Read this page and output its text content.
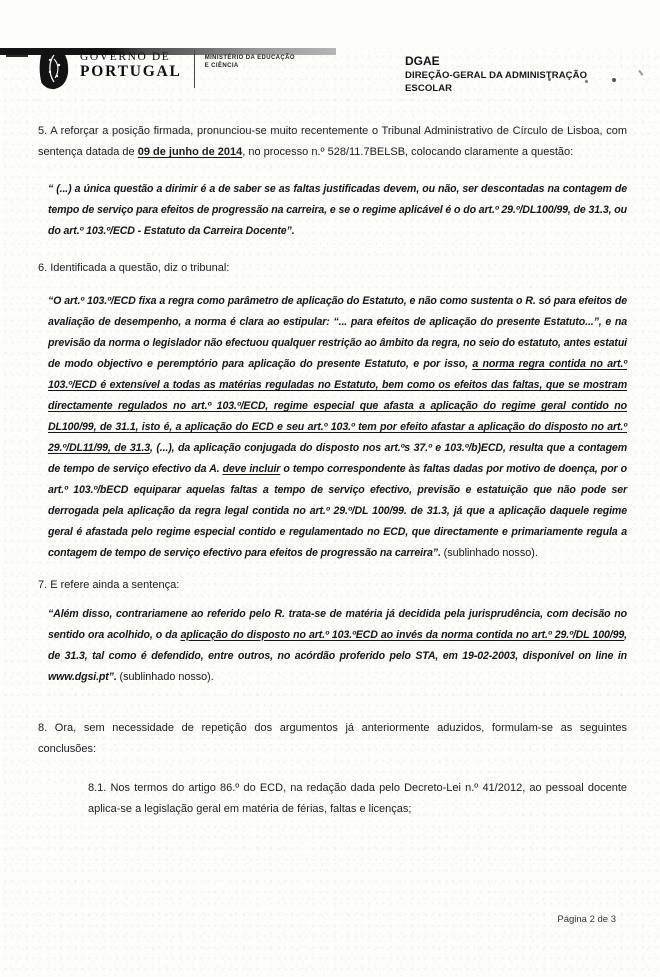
GOVERNO DE
PORTUGAL
MINISTÉRIO DA EDUCAÇÃO
E CIÊNCIA	DGAE
DIREÇÃO-GERAL DA ADMINISTRAÇÃO ESCOLAR

5. A reforçar a posição firmada, pronunciou-se muito recentemente o Tribunal Administrativo de Círculo de Lisboa, com sentença datada de 09 de junho de 2014, no processo n.º 528/11.7BELSB, colocando claramente a questão:

“ (...) a única questão a dirimir é a de saber se as faltas justificadas devem, ou não, ser descontadas na contagem de tempo de serviço para efeitos de progressão na carreira, e se o regime aplicável é o do art.º 29.º/DL100/99, de 31.3, ou do art.º 103.º/ECD - Estatuto da Carreira Docente”.

6. Identificada a questão, diz o tribunal:

“O art.º 103.º/ECD fixa a regra como parâmetro de aplicação do Estatuto, e não como sustenta o R. só para efeitos de avaliação de desempenho, a norma é clara ao estipular: “... para efeitos de aplicação do presente Estatuto...”, e na previsão da norma o legislador não efectuou qualquer restrição ao âmbito da regra, no seio do estatuto, antes estatui de modo objectivo e peremptório para aplicação do presente Estatuto, e por isso, a norma regra contida no art.º 103.º/ECD é extensível a todas as matérias reguladas no Estatuto, bem como os efeitos das faltas, que se mostram directamente regulados no art.º 103.º/ECD, regime especial que afasta a aplicação do regime geral contido no DL100/99, de 31.1, isto é, a aplicação do ECD e seu art.º 103.º tem por efeito afastar a aplicação do disposto no art.º 29.º/DL11/99, de 31.3, (...), da aplicação conjugada do disposto nos art.ºs 37.º e 103.º/b)ECD, resulta que a contagem de tempo de serviço efectivo da A. deve incluir o tempo correspondente às faltas dadas por motivo de doença, por o art.º 103.º/bECD equiparar aquelas faltas a tempo de serviço efectivo, previsão e estatuição que não pode ser derrogada pela aplicação da regra legal contida no art.º 29.º/DL 100/99. de 31.3, já que a aplicação daquele regime geral é afastada pelo regime especial contido e regulamentado no ECD, que directamente e primariamente regula a contagem de tempo de serviço efectivo para efeitos de progressão na carreira”. (sublinhado nosso).

7. E refere ainda a sentença:

“Além disso, contrariamene ao referido pelo R. trata-se de matéria já decidida pela jurisprudência, com decisão no sentido ora acolhido, o da aplicação do disposto no art.º 103.ºECD ao invés da norma contida no art.º 29.º/DL 100/99, de 31.3, tal como é defendido, entre outros, no acórdão proferido pelo STA, em 19-02-2003, disponível on line in www.dgsi.pt”. (sublinhado nosso).

8. Ora, sem necessidade de repetição dos argumentos já anteriormente aduzidos, formulam-se as seguintes conclusões:

8.1. Nos termos do artigo 86.º do ECD, na redação dada pelo Decreto-Lei n.º 41/2012, ao pessoal docente aplica-se a legislação geral em matéria de férias, faltas e licenças;

Página 2 de 3
